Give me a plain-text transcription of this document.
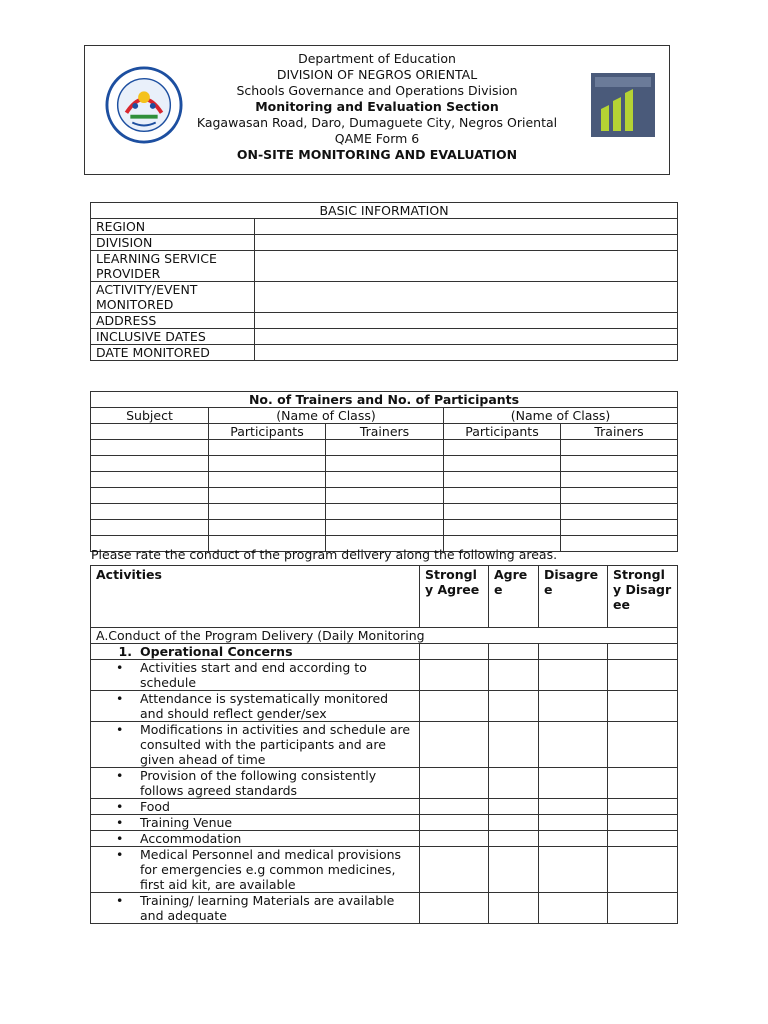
Department of Education
DIVISION OF NEGROS ORIENTAL
Schools Governance and Operations Division
Monitoring and Evaluation Section
Kagawasan Road, Daro, Dumaguete City, Negros Oriental
QAME Form 6
ON-SITE MONITORING AND EVALUATION
BASIC INFORMATION	
REGION	
DIVISION	
LEARNING SERVICE PROVIDER	
ACTIVITY/EVENT MONITORED	
ADDRESS	
INCLUSIVE DATES	
DATE MONITORED	
No. of Trainers and No. of Participants				
Subject	(Name of Class)		(Name of Class)	
	Participants	Trainers	Participants	Trainers

Please rate the conduct of the program delivery along the following areas.
Activities	Strongly Agree	Agree	Disagree	Strongly Disagree
A.Conduct of the Program Delivery (Daily Monitoring				

1. Operational Concerns				

• Activities start and end according to schedule				

• Attendance is systematically monitored and should reflect gender/sex				

• Modifications in activities and schedule are consulted with the participants and are given ahead of time				

• Provision of the following consistently follows agreed standards				

• Food				

• Training Venue				

• Accommodation				

• Medical Personnel and medical provisions for emergencies e.g common medicines, first aid kit, are available				

• Training/ learning Materials are available and adequate				
